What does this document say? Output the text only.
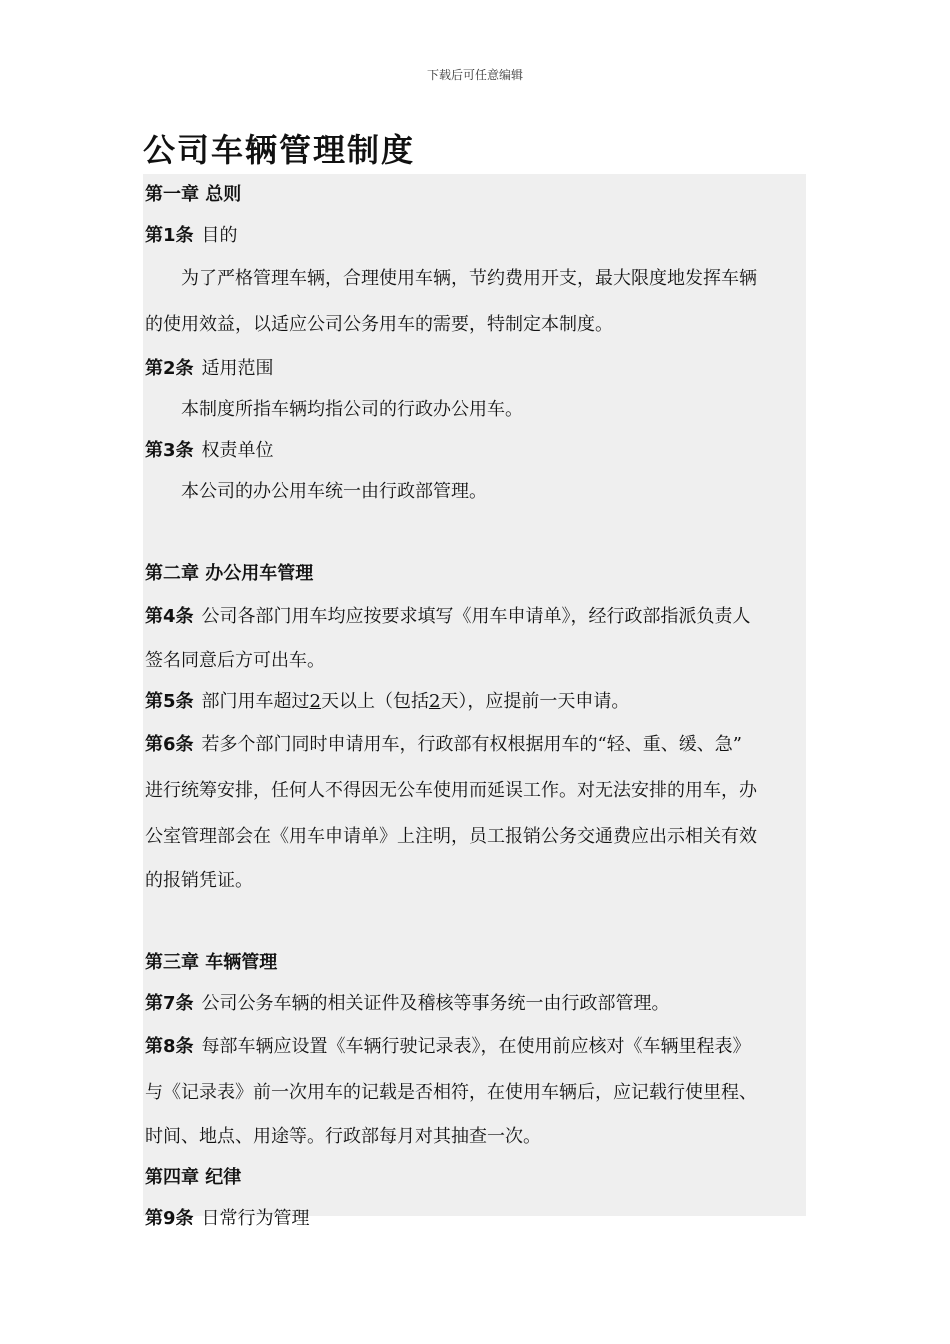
下载后可任意编辑
公司车辆管理制度
第一章 总则
第1条 目的
为了严格管理车辆，合理使用车辆，节约费用开支，最大限度地发挥车辆
的使用效益，以适应公司公务用车的需要，特制定本制度。
第2条 适用范围
本制度所指车辆均指公司的行政办公用车。
第3条 权责单位
本公司的办公用车统一由行政部管理。
第二章 办公用车管理
第4条 公司各部门用车均应按要求填写《用车申请单》，经行政部指派负责人
签名同意后方可出车。
第5条 部门用车超过2天以上（包括2天），应提前一天申请。
第6条 若多个部门同时申请用车，行政部有权根据用车的“轻、重、缓、急”
进行统筹安排，任何人不得因无公车使用而延误工作。对无法安排的用车，办
公室管理部会在《用车申请单》上注明，员工报销公务交通费应出示相关有效
的报销凭证。
第三章 车辆管理
第7条 公司公务车辆的相关证件及稽核等事务统一由行政部管理。
第8条 每部车辆应设置《车辆行驶记录表》，在使用前应核对《车辆里程表》
与《记录表》前一次用车的记载是否相符，在使用车辆后，应记载行使里程、
时间、地点、用途等。行政部每月对其抽查一次。
第四章 纪律
第9条 日常行为管理
